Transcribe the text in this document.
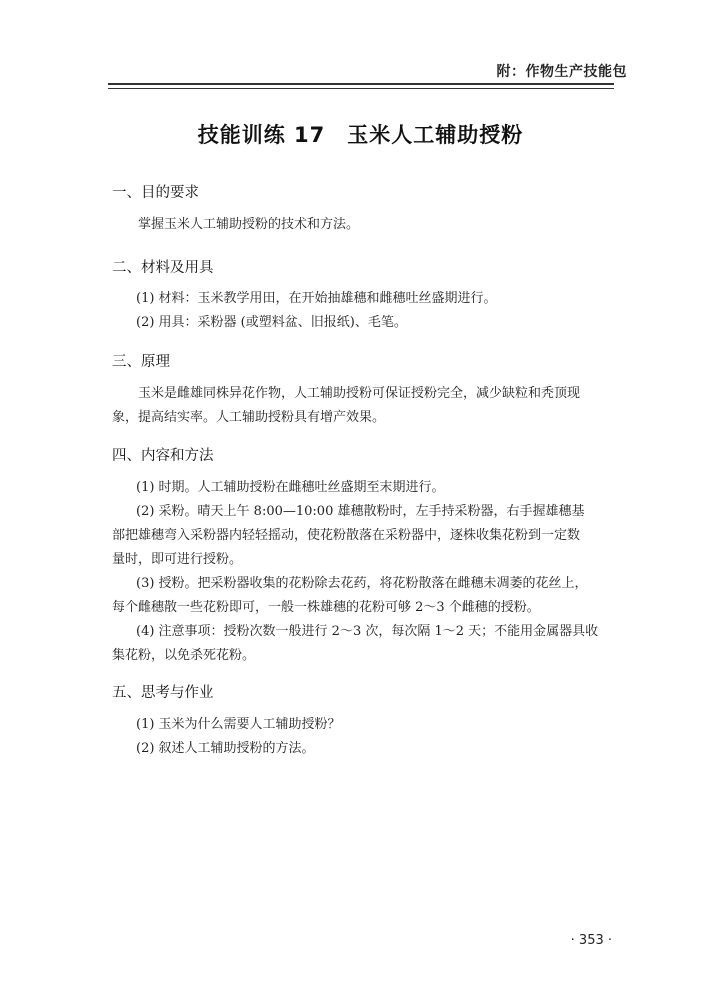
附：作物生产技能包
技能训练 17 玉米人工辅助授粉
一、目的要求
掌握玉米人工辅助授粉的技术和方法。
二、材料及用具
(1) 材料：玉米教学用田，在开始抽雄穗和雌穗吐丝盛期进行。
(2) 用具：采粉器 (或塑料盆、旧报纸)、毛笔。
三、原理
玉米是雌雄同株异花作物，人工辅助授粉可保证授粉完全，减少缺粒和秃顶现
象，提高结实率。人工辅助授粉具有增产效果。
四、内容和方法
(1) 时期。人工辅助授粉在雌穗吐丝盛期至末期进行。
(2) 采粉。晴天上午 8:00—10:00 雄穗散粉时，左手持采粉器，右手握雄穗基
部把雄穗弯入采粉器内轻轻摇动，使花粉散落在采粉器中，逐株收集花粉到一定数
量时，即可进行授粉。
(3) 授粉。把采粉器收集的花粉除去花药，将花粉散落在雌穗未凋萎的花丝上，
每个雌穗散一些花粉即可，一般一株雄穗的花粉可够 2～3 个雌穗的授粉。
(4) 注意事项：授粉次数一般进行 2～3 次，每次隔 1～2 天；不能用金属器具收
集花粉，以免杀死花粉。
五、思考与作业
(1) 玉米为什么需要人工辅助授粉？
(2) 叙述人工辅助授粉的方法。
· 353 ·
